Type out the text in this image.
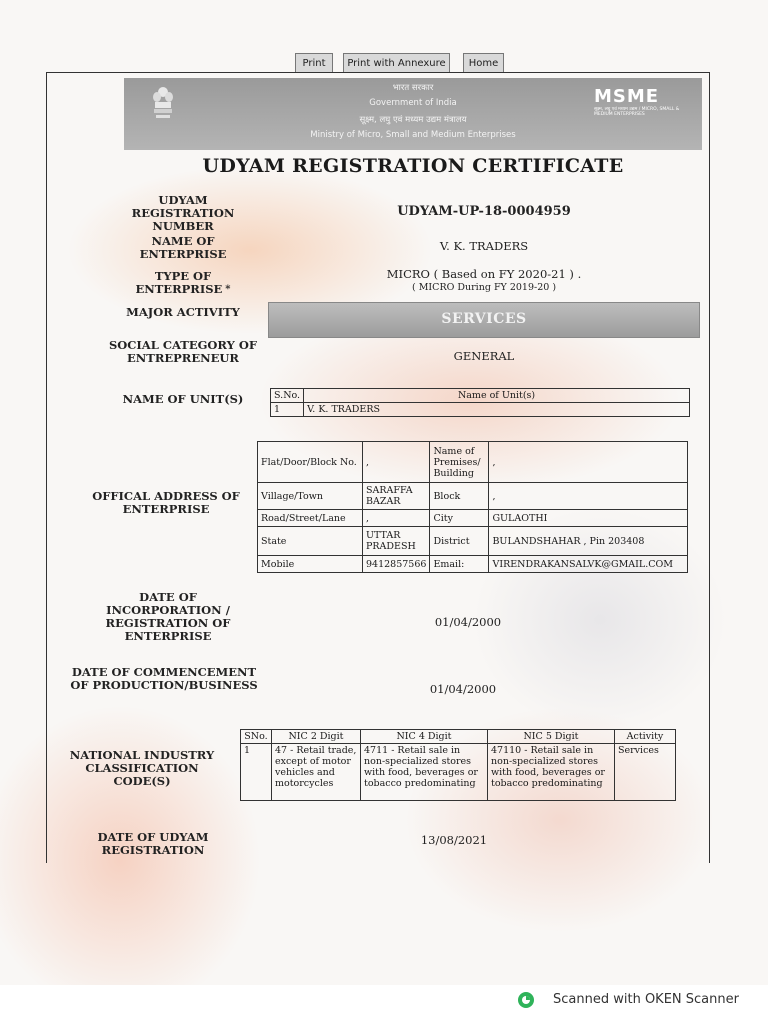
Print	Print with Annexure	Home
भारत सरकार
Government of India
सूक्ष्म, लघु एवं मध्यम उद्यम मंत्रालय
Ministry of Micro, Small and Medium Enterprises
MSME
सूक्ष्म, लघु एवं मध्यम उद्यम / MICRO, SMALL & MEDIUM ENTERPRISES
UDYAM REGISTRATION CERTIFICATE
UDYAM REGISTRATION NUMBER
UDYAM-UP-18-0004959
NAME OF ENTERPRISE
V. K. TRADERS
TYPE OF ENTERPRISE *
MICRO ( Based on FY 2020-21 ) .
( MICRO During FY 2019-20 )
MAJOR ACTIVITY	SERVICES
SOCIAL CATEGORY OF ENTREPRENEUR	GENERAL
NAME OF UNIT(S)	S.No.	Name of Unit(s)
1	V. K. TRADERS
OFFICAL ADDRESS OF ENTERPRISE
Flat/Door/Block No.	,	Name of Premises/ Building	,
Village/Town	SARAFFA BAZAR	Block	,
Road/Street/Lane	,	City	GULAOTHI
State	UTTAR PRADESH	District	BULANDSHAHAR , Pin 203408
Mobile	9412857566	Email:	VIRENDRAKANSALVK@GMAIL.COM
DATE OF INCORPORATION / REGISTRATION OF ENTERPRISE
01/04/2000
DATE OF COMMENCEMENT OF PRODUCTION/BUSINESS	01/04/2000
NATIONAL INDUSTRY CLASSIFICATION CODE(S)
SNo.	NIC 2 Digit	NIC 4 Digit	NIC 5 Digit	Activity
1	47 - Retail trade, except of motor vehicles and motorcycles	4711 - Retail sale in non-specialized stores with food, beverages or tobacco predominating	47110 - Retail sale in non-specialized stores with food, beverages or tobacco predominating	Services
DATE OF UDYAM REGISTRATION
13/08/2021
Scanned with OKEN Scanner
